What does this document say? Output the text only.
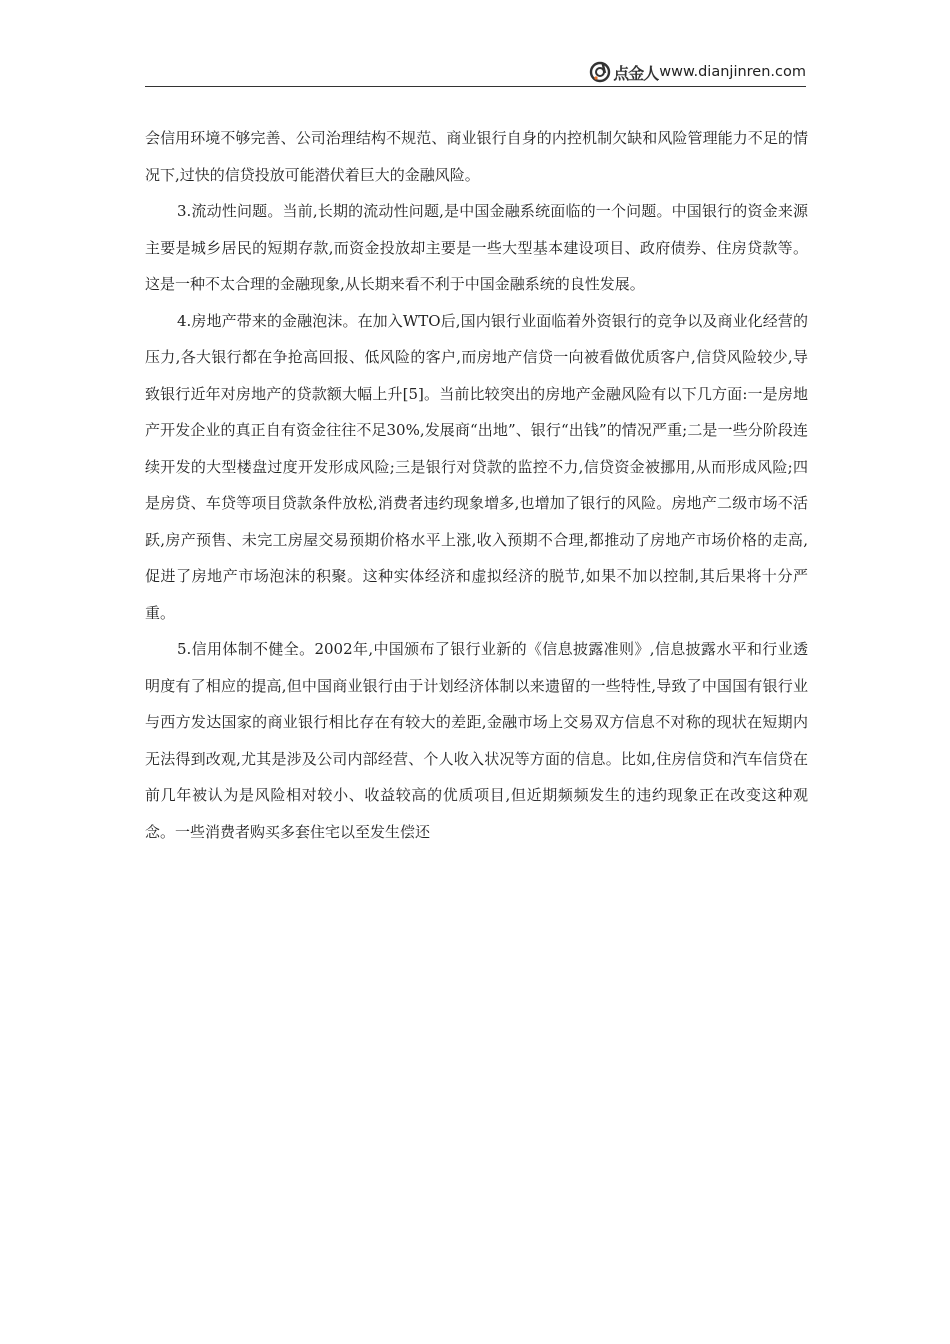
点金人 www.dianjinren.com

会信用环境不够完善、公司治理结构不规范、商业银行自身的内控机制欠缺和风险管理能力不足的情况下,过快的信贷投放可能潜伏着巨大的金融风险。

3.流动性问题。当前,长期的流动性问题,是中国金融系统面临的一个问题。中国银行的资金来源主要是城乡居民的短期存款,而资金投放却主要是一些大型基本建设项目、政府债券、住房贷款等。这是一种不太合理的金融现象,从长期来看不利于中国金融系统的良性发展。

4.房地产带来的金融泡沫。在加入WTO后,国内银行业面临着外资银行的竞争以及商业化经营的压力,各大银行都在争抢高回报、低风险的客户,而房地产信贷一向被看做优质客户,信贷风险较少,导致银行近年对房地产的贷款额大幅上升[5]。当前比较突出的房地产金融风险有以下几方面:一是房地产开发企业的真正自有资金往往不足30%,发展商“出地”、银行“出钱”的情况严重;二是一些分阶段连续开发的大型楼盘过度开发形成风险;三是银行对贷款的监控不力,信贷资金被挪用,从而形成风险;四是房贷、车贷等项目贷款条件放松,消费者违约现象增多,也增加了银行的风险。房地产二级市场不活跃,房产预售、未完工房屋交易预期价格水平上涨,收入预期不合理,都推动了房地产市场价格的走高,促进了房地产市场泡沫的积聚。这种实体经济和虚拟经济的脱节,如果不加以控制,其后果将十分严重。

5.信用体制不健全。2002年,中国颁布了银行业新的《信息披露准则》,信息披露水平和行业透明度有了相应的提高,但中国商业银行由于计划经济体制以来遗留的一些特性,导致了中国国有银行业与西方发达国家的商业银行相比存在有较大的差距,金融市场上交易双方信息不对称的现状在短期内无法得到改观,尤其是涉及公司内部经营、个人收入状况等方面的信息。比如,住房信贷和汽车信贷在前几年被认为是风险相对较小、收益较高的优质项目,但近期频频发生的违约现象正在改变这种观念。一些消费者购买多套住宅以至发生偿还
